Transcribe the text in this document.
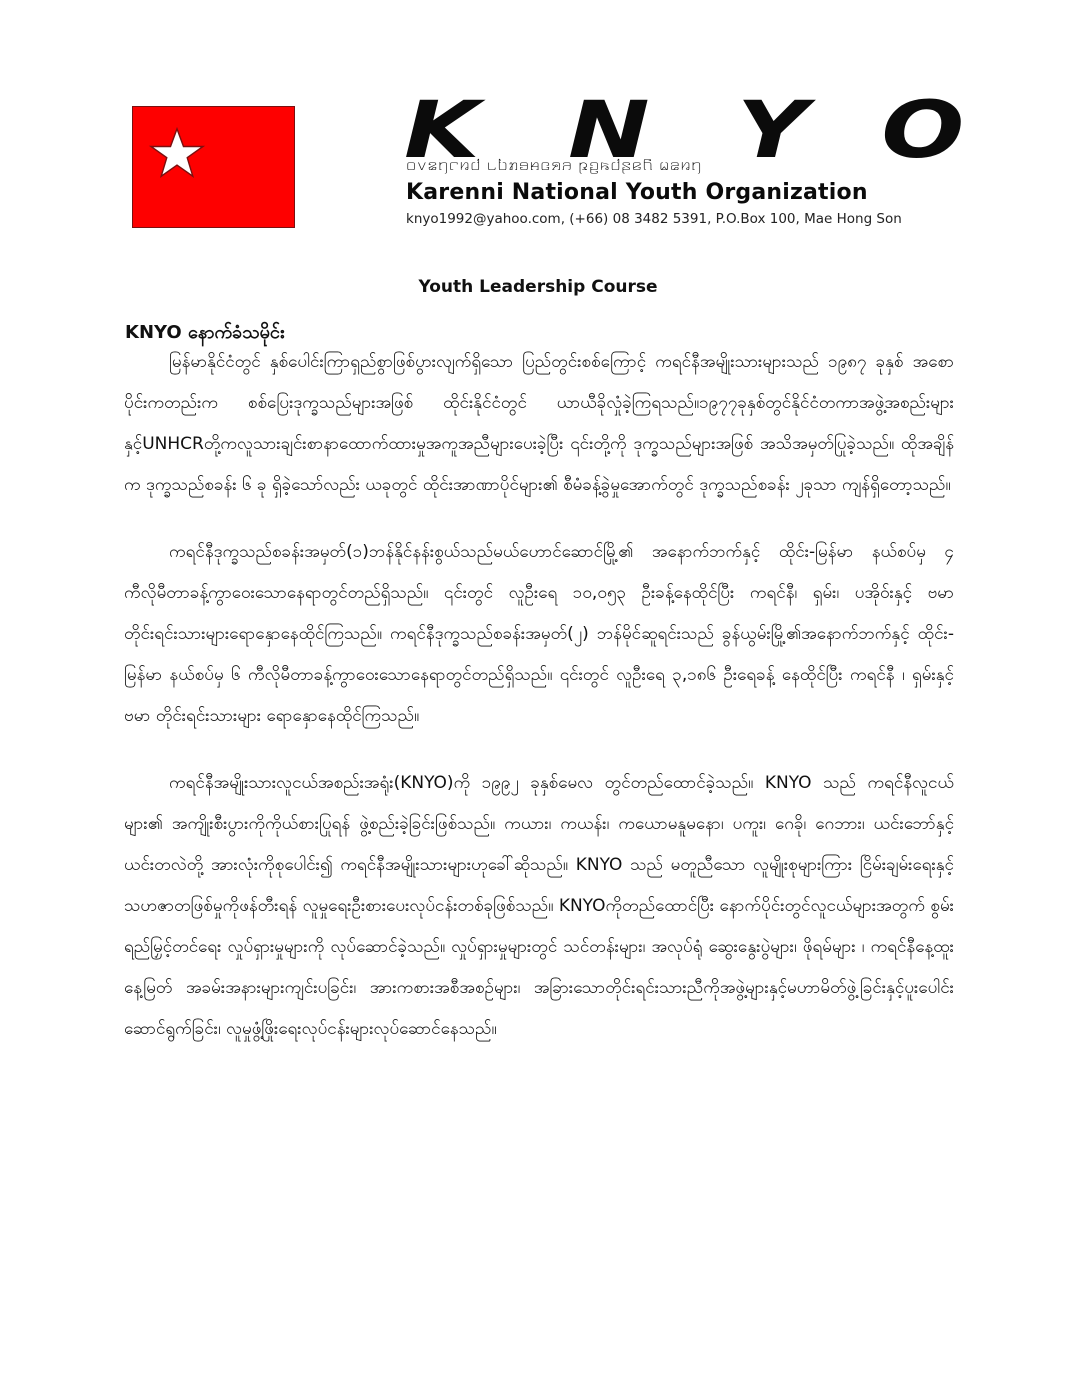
K N Y O
꤀꤂꤃꤄꤅꤆꤇ ꤈꤉ꤊꤋꤌꤍꤎꤏ ꤐꤑꤒꤓꤔꤕꤖ ꤗꤘꤙꤚ
Karenni National Youth Organization
knyo1992@yahoo.com, (+66) 08 3482 5391, P.O.Box 100, Mae Hong Son
Youth Leadership Course
KNYO နောက်ခံသမိုင်း

မြန်မာနိုင်ငံတွင် နှစ်ပေါင်းကြာရှည်စွာဖြစ်ပွားလျက်ရှိသော ပြည်တွင်းစစ်ကြောင့် ကရင်နီအမျိုးသားများသည် ၁၉၈၇ ခုနှစ် အစောပိုင်းကတည်းက စစ်ပြေးဒုက္ခသည်များအဖြစ် ထိုင်းနိုင်ငံတွင် ယာယီခိုလှုံခဲ့ကြရသည်။၁၉၇၇ခုနှစ်တွင်နိုင်ငံတကာအဖွဲ့အစည်းများနှင့်UNHCRတို့ကလူသားချင်းစာနာထောက်ထားမှုအကူအညီများပေးခဲ့ပြီး ၎င်းတို့ကို ဒုက္ခသည်များအဖြစ် အသိအမှတ်ပြုခဲ့သည်။ ထိုအချိန်က ဒုက္ခသည်စခန်း ၆ ခု ရှိခဲ့သော်လည်း ယခုတွင် ထိုင်းအာဏာပိုင်များ၏ စီမံခန့်ခွဲမှုအောက်တွင် ဒုက္ခသည်စခန်း ၂ခုသာ ကျန်ရှိတော့သည်။

ကရင်နီဒုက္ခသည်စခန်းအမှတ်(၁)ဘန်နိုင်နန်းစွယ်သည်မယ်ဟောင်ဆောင်မြို့၏ အနောက်ဘက်နှင့် ထိုင်း-မြန်မာ နယ်စပ်မှ ၄ ကီလိုမီတာခန့်ကွာဝေးသောနေရာတွင်တည်ရှိသည်။ ၎င်းတွင် လူဦးရေ ၁၀,၀၅၃ ဦးခန့်နေထိုင်ပြီး ကရင်နီ၊ ရှမ်း၊ ပအိုဝ်းနှင့် ဗမာ တိုင်းရင်းသားများရောနှောနေထိုင်ကြသည်။ ကရင်နီဒုက္ခသည်စခန်းအမှတ်(၂) ဘန်မိုင်ဆူရင်းသည် ခွန်ယွမ်းမြို့၏အနောက်ဘက်နှင့် ထိုင်း-မြန်မာ နယ်စပ်မှ ၆ ကီလိုမီတာခန့်ကွာဝေးသောနေရာတွင်တည်ရှိသည်။ ၎င်းတွင် လူဦးရေ ၃,၁၈၆ ဦးရေခန့် နေထိုင်ပြီး ကရင်နီ ၊ ရှမ်းနှင့် ဗမာ တိုင်းရင်းသားများ ရောနှောနေထိုင်ကြသည်။

ကရင်နီအမျိုးသားလူငယ်အစည်းအရုံး(KNYO)ကို ၁၉၉၂ ခုနှစ်မေလ တွင်တည်ထောင်ခဲ့သည်။ KNYO သည် ကရင်နီလူငယ်များ၏ အကျိုးစီးပွားကိုကိုယ်စားပြုရန် ဖွဲ့စည်းခဲ့ခြင်းဖြစ်သည်။ ကယား၊ ကယန်း၊ ကယောမနူမနော၊ ပကူး၊ ဂေခို၊ ဂေဘား၊ ယင်းဘော်နှင့်ယင်းတလဲတို့ အားလုံးကိုစုပေါင်း၍ ကရင်နီအမျိုးသားများဟုခေါ်ဆိုသည်။ KNYO သည် မတူညီသော လူမျိုးစုများကြား ငြိမ်းချမ်းရေးနှင့် သဟဇာတဖြစ်မှုကိုဖန်တီးရန် လူမှုရေးဦးစားပေးလုပ်ငန်းတစ်ခုဖြစ်သည်။ KNYOကိုတည်ထောင်ပြီး နောက်ပိုင်းတွင်လူငယ်များအတွက် စွမ်းရည်မြှင့်တင်ရေး လှုပ်ရှားမှုများကို လုပ်ဆောင်ခဲ့သည်။ လှုပ်ရှားမှုများတွင် သင်တန်းများ၊ အလုပ်ရုံ ဆွေးနွေးပွဲများ၊ ဖိုရမ်များ ၊ ကရင်နီနေ့ထူးနေ့မြတ် အခမ်းအနားများကျင်းပခြင်း၊ အားကစားအစီအစဉ်များ၊ အခြားသောတိုင်းရင်းသားညီကိုအဖွဲ့များနှင့်မဟာမိတ်ဖွဲ့ခြင်းနှင့်ပူးပေါင်းဆောင်ရွက်ခြင်း၊ လူမှုဖွံ့ဖြိုးရေးလုပ်ငန်းများလုပ်ဆောင်နေသည်။
